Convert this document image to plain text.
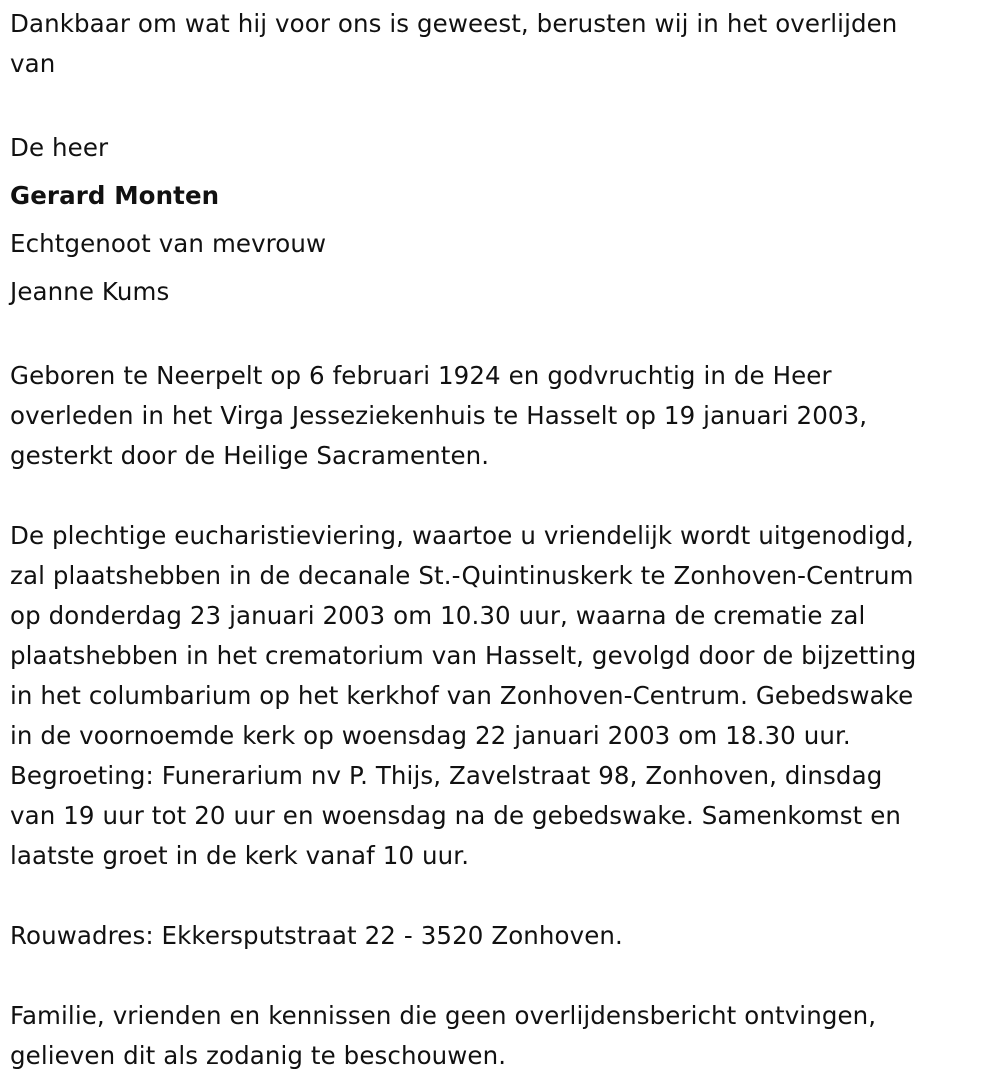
Dankbaar om wat hij voor ons is geweest, berusten wij in het overlijden
van

De heer
Gerard Monten
Echtgenoot van mevrouw
Jeanne Kums

Geboren te Neerpelt op 6 februari 1924 en godvruchtig in de Heer
overleden in het Virga Jesseziekenhuis te Hasselt op 19 januari 2003,
gesterkt door de Heilige Sacramenten.

De plechtige eucharistieviering, waartoe u vriendelijk wordt uitgenodigd,
zal plaatshebben in de decanale St.-Quintinuskerk te Zonhoven-Centrum
op donderdag 23 januari 2003 om 10.30 uur, waarna de crematie zal
plaatshebben in het crematorium van Hasselt, gevolgd door de bijzetting
in het columbarium op het kerkhof van Zonhoven-Centrum. Gebedswake
in de voornoemde kerk op woensdag 22 januari 2003 om 18.30 uur.
Begroeting: Funerarium nv P. Thijs, Zavelstraat 98, Zonhoven, dinsdag
van 19 uur tot 20 uur en woensdag na de gebedswake. Samenkomst en
laatste groet in de kerk vanaf 10 uur.

Rouwadres: Ekkersputstraat 22 - 3520 Zonhoven.

Familie, vrienden en kennissen die geen overlijdensbericht ontvingen,
gelieven dit als zodanig te beschouwen.
